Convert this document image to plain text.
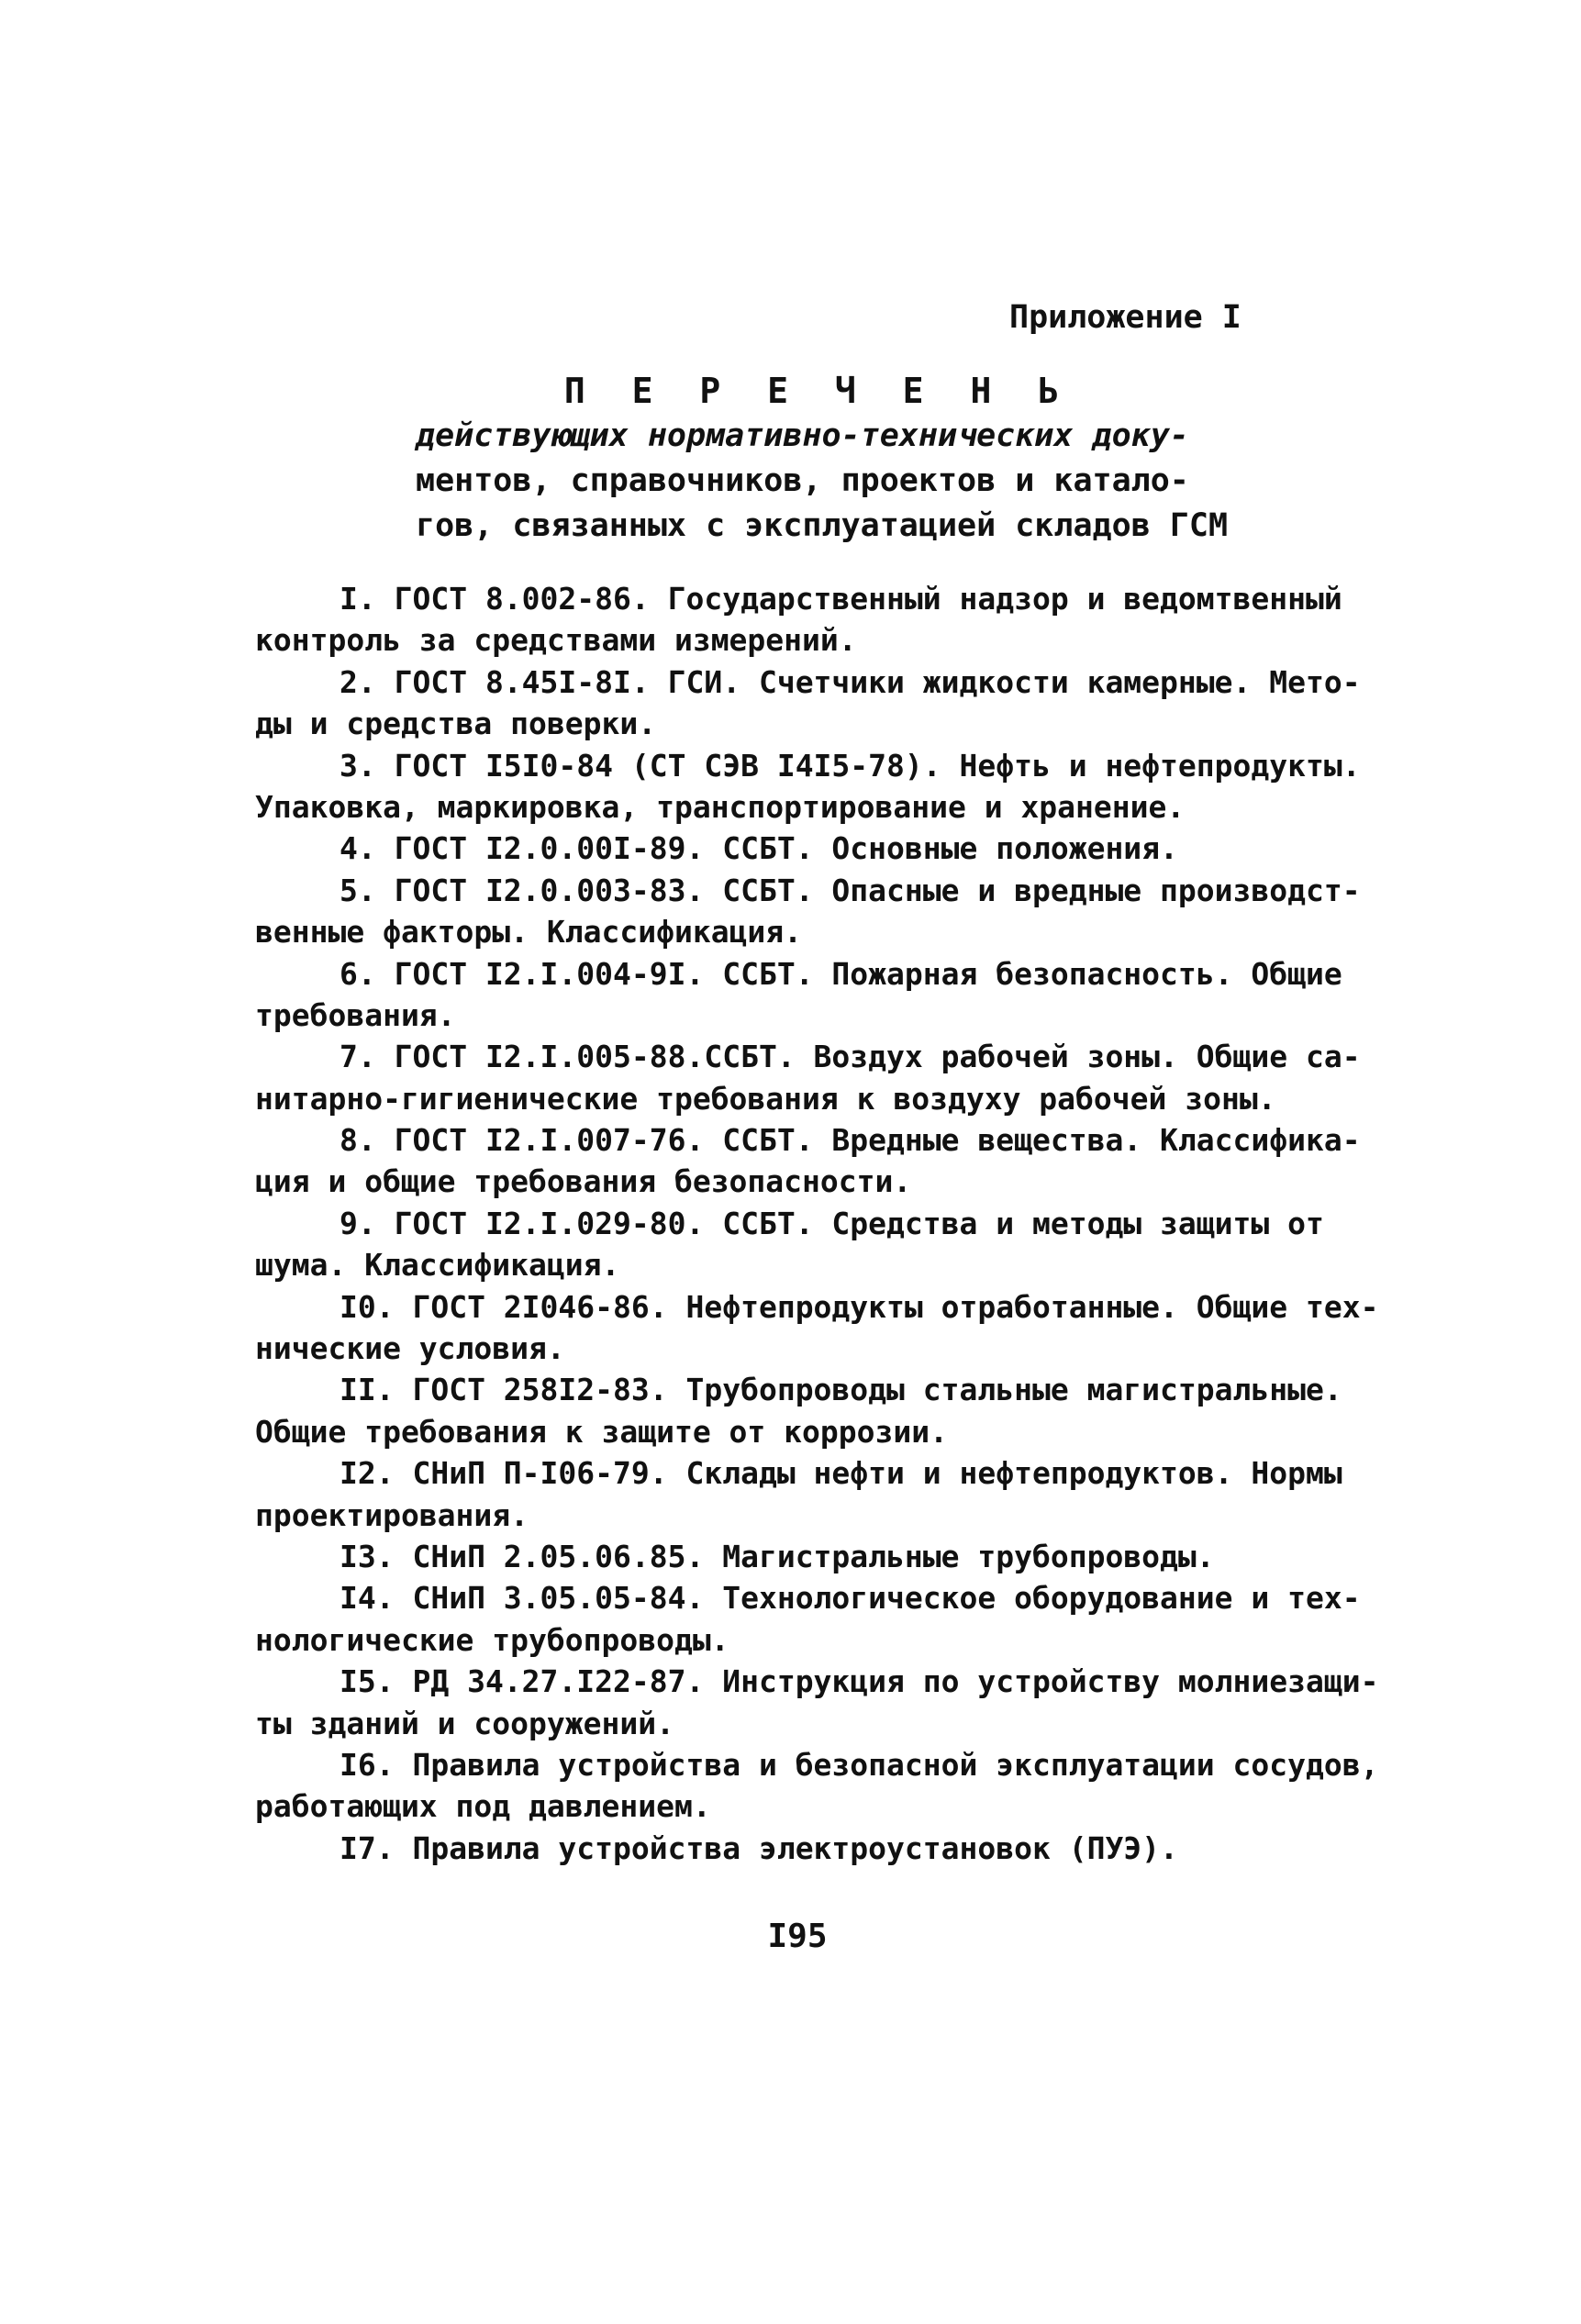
Приложение I
П Е Р Е Ч Е Н Ь
действующих нормативно-технических доку-
ментов, справочников, проектов и катало-
гов, связанных с эксплуатацией складов ГСМ
I. ГОСТ 8.002-86. Государственный надзор и ведомтвенный
контроль за средствами измерений.
2. ГОСТ 8.45I-8I. ГСИ. Счетчики жидкости камерные. Мето-
ды и средства поверки.
3. ГОСТ I5I0-84 (СТ СЭВ I4I5-78). Нефть и нефтепродукты.
Упаковка, маркировка, транспортирование и хранение.
4. ГОСТ I2.0.00I-89. ССБТ. Основные положения.
5. ГОСТ I2.0.003-83. ССБТ. Опасные и вредные производст-
венные факторы. Классификация.
6. ГОСТ I2.I.004-9I. ССБТ. Пожарная безопасность. Общие
требования.
7. ГОСТ I2.I.005-88.ССБТ. Воздух рабочей зоны. Общие са-
нитарно-гигиенические требования к воздуху рабочей зоны.
8. ГОСТ I2.I.007-76. ССБТ. Вредные вещества. Классифика-
ция и общие требования безопасности.
9. ГОСТ I2.I.029-80. ССБТ. Средства и методы защиты от
шума. Классификация.
I0. ГОСТ 2I046-86. Нефтепродукты отработанные. Общие тех-
нические условия.
II. ГОСТ 258I2-83. Трубопроводы стальные магистральные.
Общие требования к защите от коррозии.
I2. СНиП П-I06-79. Склады нефти и нефтепродуктов. Нормы
проектирования.
I3. СНиП 2.05.06.85. Магистральные трубопроводы.
I4. СНиП 3.05.05-84. Технологическое оборудование и тех-
нологические трубопроводы.
I5. РД 34.27.I22-87. Инструкция по устройству молниезащи-
ты зданий и сооружений.
I6. Правила устройства и безопасной эксплуатации сосудов,
работающих под давлением.
I7. Правила устройства электроустановок (ПУЭ).
I95
